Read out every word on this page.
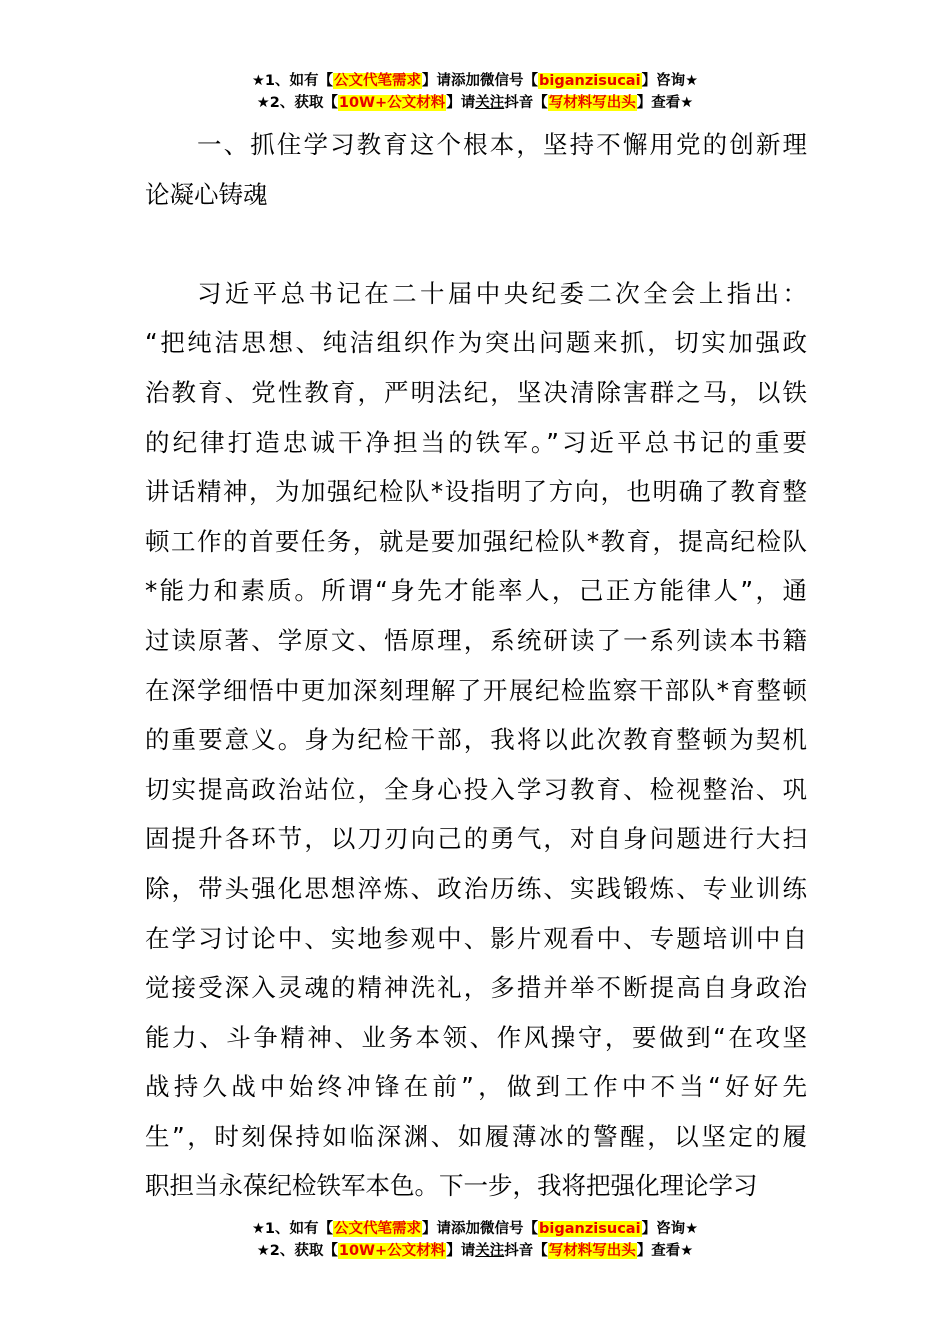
★1、如有【公文代笔需求】请添加微信号【biganzisucai】咨询★
★2、获取【10W+公文材料】请关注抖音【写材料写出头】查看★
一、抓住学习教育这个根本，坚持不懈用党的创新理
论凝心铸魂
习近平总书记在二十届中央纪委二次全会上指出：
“把纯洁思想、纯洁组织作为突出问题来抓，切实加强政
治教育、党性教育，严明法纪，坚决清除害群之马，以铁
的纪律打造忠诚干净担当的铁军。”习近平总书记的重要
讲话精神，为加强纪检队*设指明了方向，也明确了教育整
顿工作的首要任务，就是要加强纪检队*教育，提高纪检队
*能力和素质。所谓“身先才能率人，己正方能律人”，通
过读原著、学原文、悟原理，系统研读了一系列读本书籍
在深学细悟中更加深刻理解了开展纪检监察干部队*育整顿
的重要意义。身为纪检干部，我将以此次教育整顿为契机
切实提高政治站位，全身心投入学习教育、检视整治、巩
固提升各环节，以刀刃向己的勇气，对自身问题进行大扫
除，带头强化思想淬炼、政治历练、实践锻炼、专业训练
在学习讨论中、实地参观中、影片观看中、专题培训中自
觉接受深入灵魂的精神洗礼，多措并举不断提高自身政治
能力、斗争精神、业务本领、作风操守，要做到“在攻坚
战持久战中始终冲锋在前”，做到工作中不当“好好先
生”，时刻保持如临深渊、如履薄冰的警醒，以坚定的履
职担当永葆纪检铁军本色。下一步，我将把强化理论学习
★1、如有【公文代笔需求】请添加微信号【biganzisucai】咨询★
★2、获取【10W+公文材料】请关注抖音【写材料写出头】查看★
